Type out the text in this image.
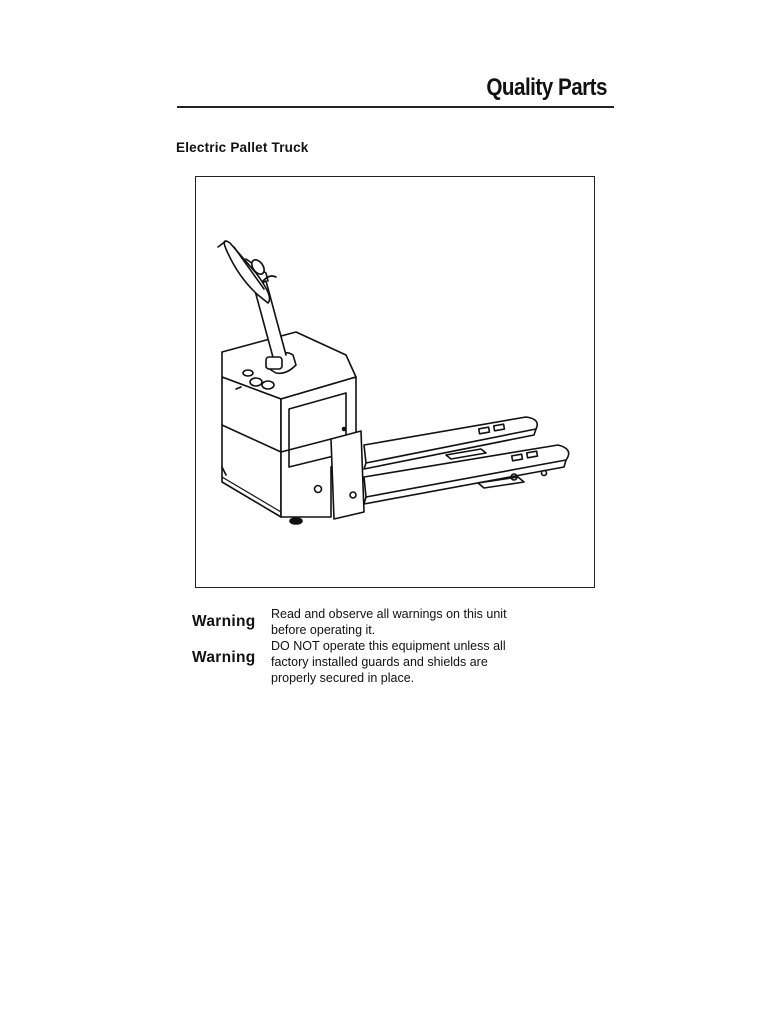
Quality Parts
Electric Pallet Truck
Warning Read and observe all warnings on this unit
before operating it.
Warning
DO NOT operate this equipment unless all
factory installed guards and shields are
properly secured in place.
